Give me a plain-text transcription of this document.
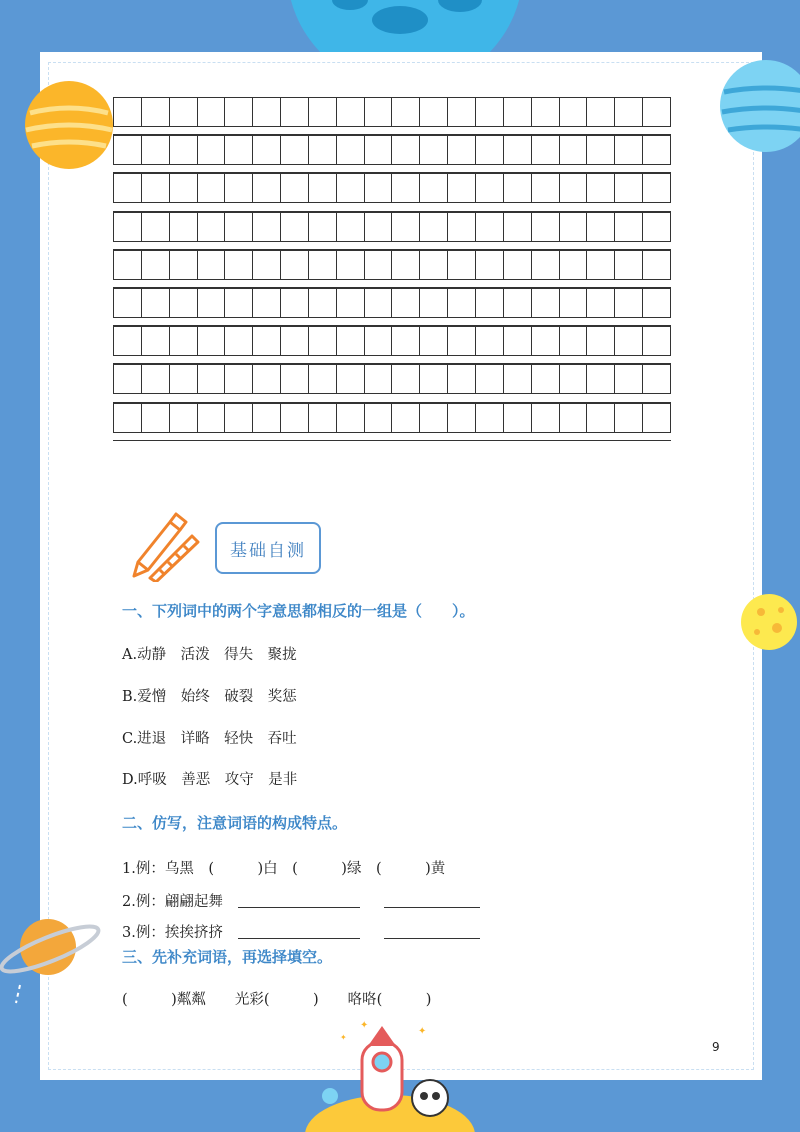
✦
✦
✦
基础自测
一、下列词中的两个字意思都相反的一组是（　　）。
A.动静　活泼　得失　聚拢
B.爱憎　始终　破裂　奖惩
C.进退　详略　轻快　吞吐
D.呼吸　善恶　攻守　是非
二、仿写，注意词语的构成特点。
1.例：乌黑　(　　　)白　(　　　)绿　(　　　)黄
2.例：翩翩起舞
3.例：挨挨挤挤
三、先补充词语，再选择填空。
(　　　)粼粼　　光彩(　　　)　　咯咯(　　　)
9
